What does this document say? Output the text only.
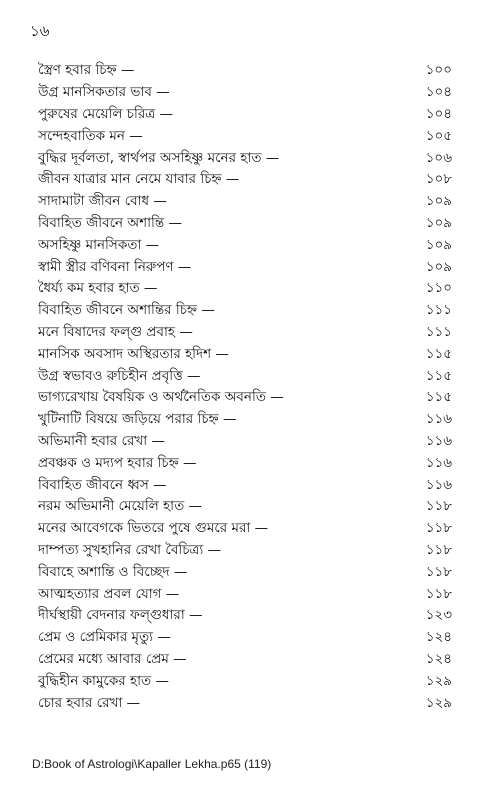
১৬
স্ত্রৈণ হবার চিহ্ন —	১০০
উগ্র মানসিকতার ভাব —	১০৪
পুরুষের মেয়েলি চরিত্র —	১০৪
সন্দেহবাতিক মন —	১০৫
বুদ্ধির দূর্বলতা, স্বার্থপর অসহিষ্ণু মনের হাত —	১০৬
জীবন যাত্রার মান নেমে যাবার চিহ্ন —	১০৮
সাদামাটা জীবন বোধ —	১০৯
বিবাহিত জীবনে অশান্তি —	১০৯
অসহিষ্ণু মানসিকতা —	১০৯
স্বামী স্ত্রীর বণিবনা নিরুপণ —	১০৯
ধৈর্য্য কম হবার হাত —	১১০
বিবাহিত জীবনে অশান্তির চিহ্ন —	১১১
মনে বিষাদের ফল্গু প্রবাহ —	১১১
মানসিক অবসাদ অস্থিরতার হদিশ —	১১৫
উগ্র স্বভাবও রুচিহীন প্রবৃত্তি —	১১৫
ভাগ্যরেখায় বৈষয়িক ও অর্থনৈতিক অবনতি —	১১৫
খুটিনাটি বিষয়ে জড়িয়ে পরার চিহ্ন —	১১৬
অভিমানী হবার রেখা —	১১৬
প্রবঞ্চক ও মদ্যপ হবার চিহ্ন —	১১৬
বিবাহিত জীবনে ধ্বস —	১১৬
নরম অভিমানী মেয়েলি হাত —	১১৮
মনের আবেগকে ভিতরে পুষে গুমরে মরা —	১১৮
দাম্পত্য সুখহানির রেখা বৈচিত্র্য —	১১৮
বিবাহে অশান্তি ও বিচ্ছেদ —	১১৮
আত্মহত্যার প্রবল যোগ —	১১৮
দীর্ঘস্থায়ী বেদনার ফল্গুধারা —	১২৩
প্রেম ও প্রেমিকার মৃত্যু —	১২৪
প্রেমের মধ্যে আবার প্রেম —	১২৪
বুদ্ধিহীন কামুকের হাত —	১২৯
চোর হবার রেখা —	১২৯
D:Book of Astrologi\Kapaller Lekha.p65 (119)
